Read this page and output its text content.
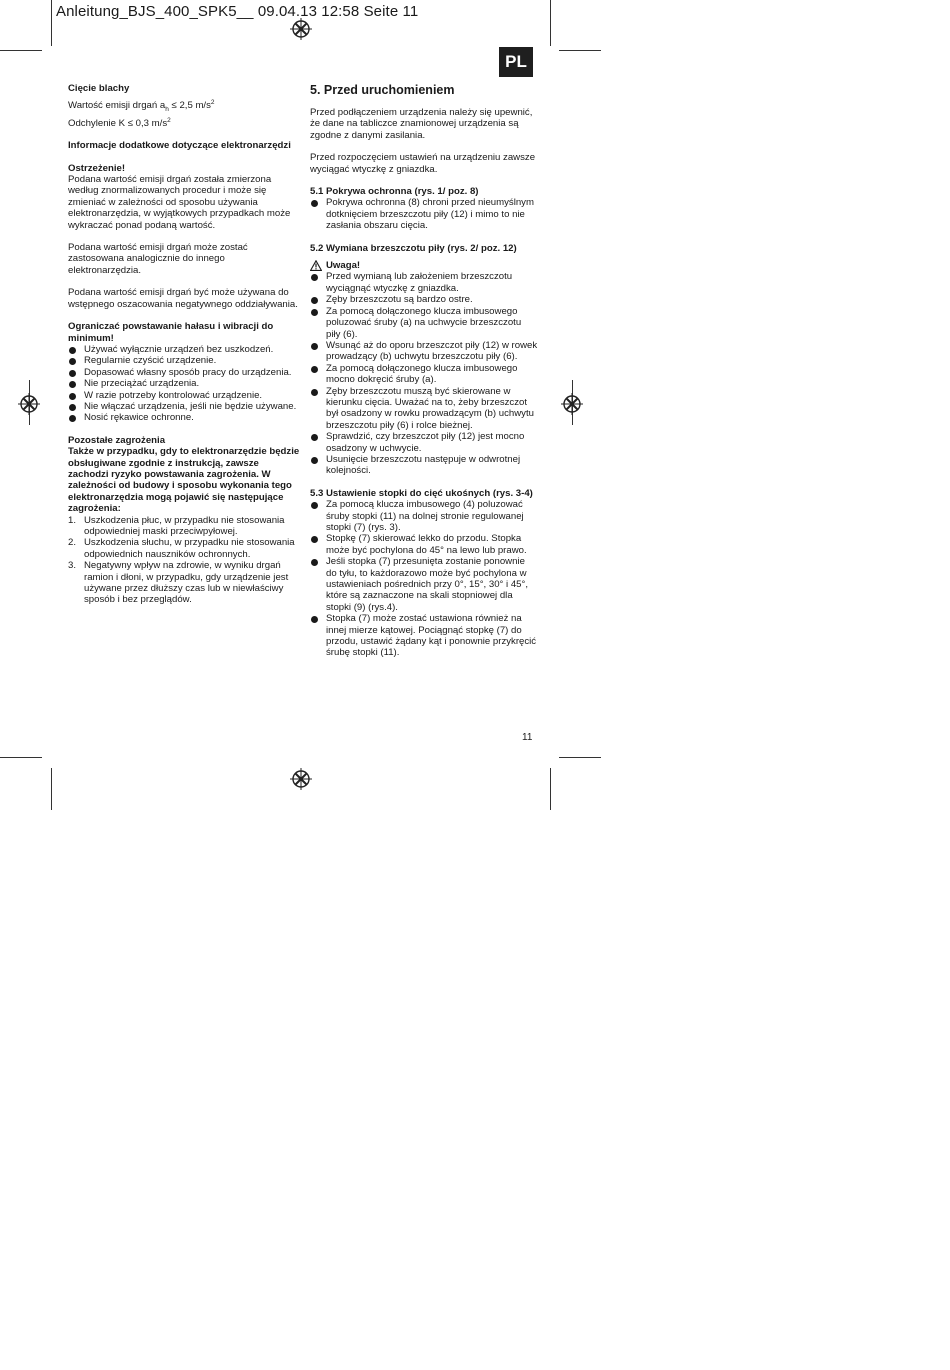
Anleitung_BJS_400_SPK5__ 09.04.13 12:58 Seite 11
PL
Cięcie blachy
Wartość emisji drgań $a_h \le 2,5$ $m/s^2$
Odchylenie K ≤ 0,3 $m/s^2$
Informacje dodatkowe dotyczące elektronarzędzi
Ostrzeżenie!

Podana wartość emisji drgań została zmierzona według znormalizowanych procedur i może się zmieniać w zależności od sposobu używania elektronarzędzia, w wyjątkowych przypadkach może wykraczać ponad podaną wartość.

Podana wartość emisji drgań może zostać zastosowana analogicznie do innego elektronarzędzia.

Podana wartość emisji drgań być może używana do wstępnego oszacowania negatywnego oddziaływania.

Ograniczać powstawanie hałasu i wibracji do minimum!
Używać wyłącznie urządzeń bez uszkodzeń.
Regularnie czyścić urządzenie.
Dopasować własny sposób pracy do urządzenia.
Nie przeciążać urządzenia.
W razie potrzeby kontrolować urządzenie.
Nie włączać urządzenia, jeśli nie będzie używane.
Nosić rękawice ochronne.
Pozostałe zagrożenia

Także w przypadku, gdy to elektronarzędzie będzie obsługiwane zgodnie z instrukcją, zawsze zachodzi ryzyko powstawania zagrożenia. W zależności od budowy i sposobu wykonania tego elektronarzędzia mogą pojawić się następujące zagrożenia:

1. Uszkodzenia płuc, w przypadku nie stosowania odpowiedniej maski przeciwpyłowej.
2. Uszkodzenia słuchu, w przypadku nie stosowania odpowiednich nauszników ochronnych.
3. Negatywny wpływ na zdrowie, w wyniku drgań ramion i dłoni, w przypadku, gdy urządzenie jest używane przez dłuższy czas lub w niewłaściwy sposób i bez przeglądów.
5. Przed uruchomieniem

Przed podłączeniem urządzenia należy się upewnić, że dane na tabliczce znamionowej urządzenia są zgodne z danymi zasilania.

Przed rozpoczęciem ustawień na urządzeniu zawsze wyciągać wtyczkę z gniazdka.

5.1 Pokrywa ochronna (rys. 1/ poz. 8)
Pokrywa ochronna (8) chroni przed nieumyślnym dotknięciem brzeszczotu piły (12) i mimo to nie zasłania obszaru cięcia.
5.2 Wymiana brzeszczotu piły (rys. 2/ poz. 12)
Uwaga!
Przed wymianą lub założeniem brzeszczotu wyciągnąć wtyczkę z gniazdka.
Zęby brzeszczotu są bardzo ostre.
Za pomocą dołączonego klucza imbusowego poluzować śruby (a) na uchwycie brzeszczotu piły (6).
Wsunąć aż do oporu brzeszczot piły (12) w rowek prowadzący (b) uchwytu brzeszczotu piły (6).
Za pomocą dołączonego klucza imbusowego mocno dokręcić śruby (a).
Zęby brzeszczotu muszą być skierowane w kierunku cięcia. Uważać na to, żeby brzeszczot był osadzony w rowku prowadzącym (b) uchwytu brzeszczotu piły (6) i rolce bieżnej.
Sprawdzić, czy brzeszczot piły (12) jest mocno osadzony w uchwycie.
Usunięcie brzeszczotu następuje w odwrotnej kolejności.
5.3 Ustawienie stopki do cięć ukośnych (rys. 3-4)
Za pomocą klucza imbusowego (4) poluzować śruby stopki (11) na dolnej stronie regulowanej stopki (7) (rys. 3).
Stopkę (7) skierować lekko do przodu. Stopka może być pochylona do 45° na lewo lub prawo.
Jeśli stopka (7) przesunięta zostanie ponownie do tyłu, to każdorazowo może być pochylona w ustawieniach pośrednich przy 0°, 15°, 30° i 45°, które są zaznaczone na skali stopniowej dla stopki (9) (rys.4).
Stopka (7) może zostać ustawiona również na innej mierze kątowej. Pociągnąć stopkę (7) do przodu, ustawić żądany kąt i ponownie przykręcić śrubę stopki (11).
11
